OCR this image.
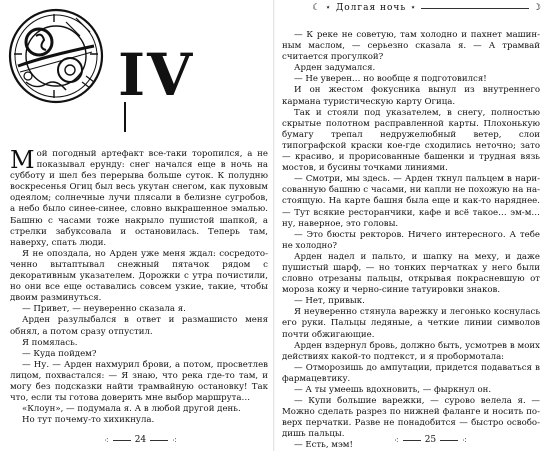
IV

Мой погодный артефакт все-таки торопился, а не показывал ерунду: снег начался еще в ночь на субботу и шел без перерыва больше суток. К полудню воскресенья Огиц был весь укутан снегом, как пуховым одеялом; солнечные лучи плясали в белизне сугробов, а небо было синее-синее, словно выкрашенное эмалью. Башню с часами тоже накрыло пушистой шапкой, а стрелки забуксовала и остановилась. Теперь там, наверху, спать люди.

Я не опоздала, но Арден уже меня ждал: сосредоточенно вытаптывал снежный пятачок рядом с декоративным указателем. Дорожки с утра почистили, но они все еще оставались совсем узкие, такие, чтобы двоим разминуться.

— Привет, — неуверенно сказала я.

Арден разулыбался в ответ и размашисто меня обнял, а потом сразу отпустил.

Я помялась.

— Куда пойдем?

— Ну. — Арден нахмурил брови, а потом, просветлев лицом, похвастался: — Я знаю, что река где-то там, и могу без подсказки найти трамвайную остановку! Так что, если ты готова доверить мне выбор маршрута…

«Клоун», — подумала я. А в любой другой день.

Но тут почему-то хихикнула.

⁖	24	⁖
☾ ⋆ Долгая ночь ⋆	☽

— К реке не советую, там холодно и пахнет машинным маслом, — серьезно сказала я. — А трамвай считается прогулкой?

Арден задумался.

— Не уверен… но вообще я подготовился!

И он жестом фокусника вынул из внутреннего кармана туристическую карту Огица.

Так и стояли под указателем, в снегу, полностью скрытые полотном распрaвленной карты. Плохонькую бумагу трепал недружелюбный ветер, слои типографской краски кое-где сходились неточно; зато — красиво, и прорисованные башенки и трудная вязь мостов, и бусины точками линиями.

— Смотри, мы здесь. — Арден ткнул пальцем в нарисованную башню с часами, ни капли не похожую на настоящую. На карте башня была еще и как-то наряднее. — Тут всякие ресторанчики, кафе и всё такое… эм-м… ну, наверное, это головы.

— Это бюсты ректоров. Ничего интересного. А тебе не холодно?

Арден надел и пальто, и шапку на меху, и даже пушистый шарф, — но тонких перчатках у него были словно отрезаны пальцы, открывая покрасневшую от мороза кожу и черно-синие татуировки знаков.

— Нет, привык.

Я неуверенно стянула варежку и легонько коснулась его руки. Пальцы ледяные, а четкие линии символов почти обжигающие.

Арден вздернул бровь, должно быть, усмотрев в моих действиях какой-то подтекст, и я пробормотала:

— Отморозишь до ампутации, придется подаваться в фармацевтику.

— А ты умеешь вдохновить, — фыркнул он.

— Купи большие варежки, — сурово велела я. — Можно сделать разрез по нижней фаланге и носить поверх перчатки. Разве не понадобится — быстро освободишь пальцы.

— Есть, мэм!

⁖	25	⁖
